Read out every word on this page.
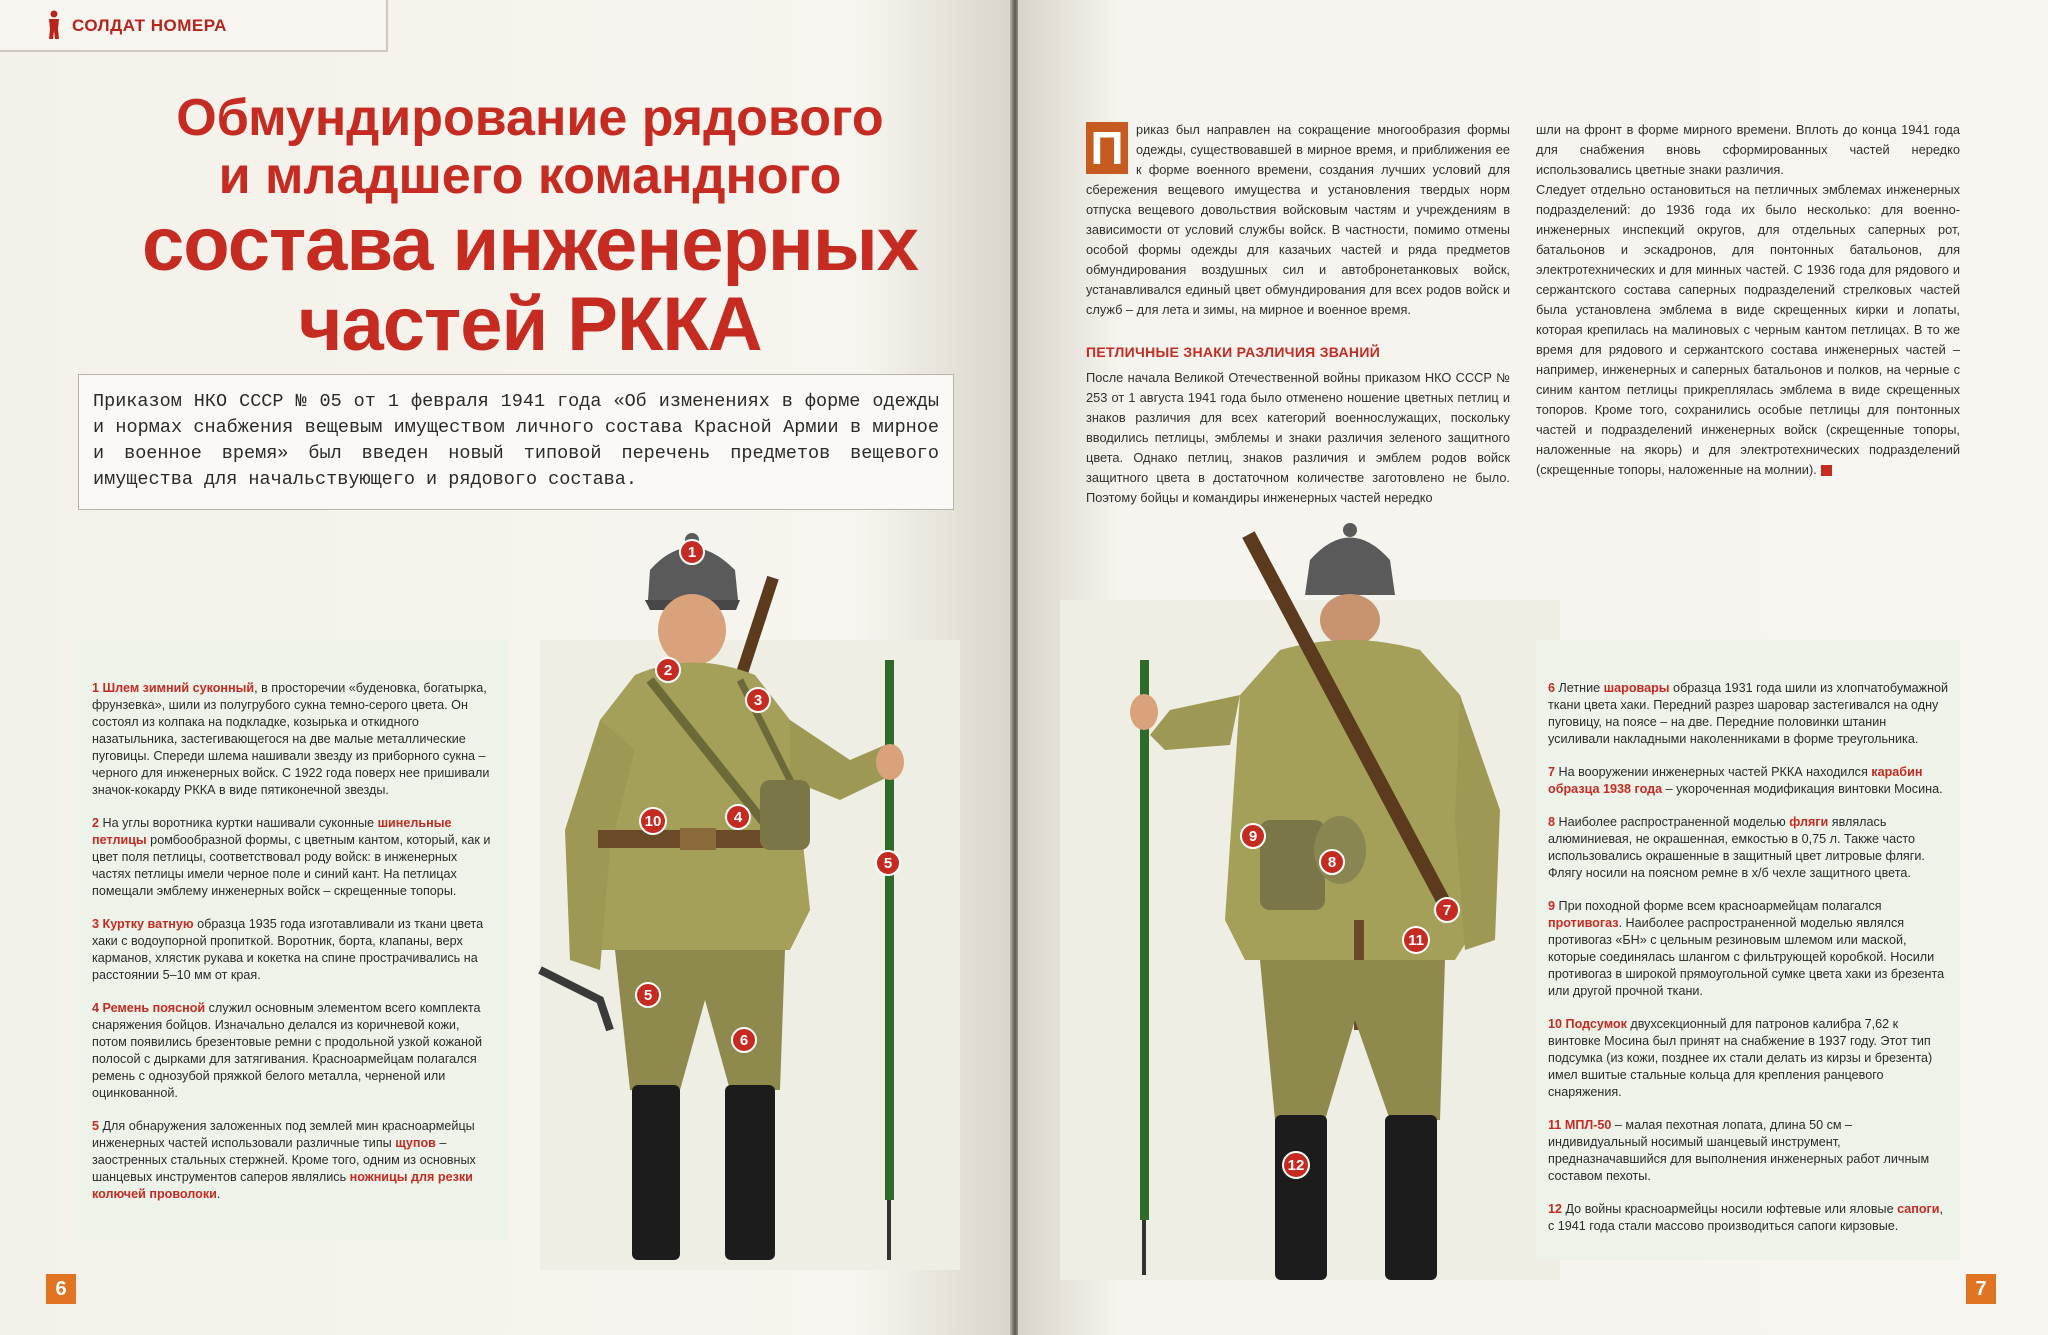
СОЛДАТ НОМЕРА
Обмундирование рядового
и младшего командного
состава инженерных
частей РККА

Приказом НКО СССР № 05 от 1 февраля 1941 года «Об изменениях в форме одежды и нормах снабжения вещевым имуществом личного состава Красной Армии в мирное и военное время» был введен новый типовой перечень предметов вещевого имущества для начальствующего и рядового состава.

1
2
3
4
5
10
5
6

1 Шлем зимний суконный, в просторечии «буденовка, богатырка, фрунзевка», шили из полугрубого сукна темно-серого цвета. Он состоял из колпака на подкладке, козырька и откидного назатыльника, застегивающегося на две малые металлические пуговицы. Спереди шлема нашивали звезду из приборного сукна – черного для инженерных войск. С 1922 года поверх нее пришивали значок-кокарду РККА в виде пятиконечной звезды.

2 На углы воротника куртки нашивали суконные шинельные петлицы ромбообразной формы, с цветным кантом, который, как и цвет поля петлицы, соответствовал роду войск: в инженерных частях петлицы имели черное поле и синий кант. На петлицах помещали эмблему инженерных войск – скрещенные топоры.

3 Куртку ватную образца 1935 года изготавливали из ткани цвета хаки с водоупорной пропиткой. Воротник, борта, клапаны, верх карманов, хлястик рукава и кокетка на спине прострачивались на расстоянии 5–10 мм от края.

4 Ремень поясной служил основным элементом всего комплекта снаряжения бойцов. Изначально делался из коричневой кожи, потом появились брезентовые ремни с продольной узкой кожаной полосой с дырками для затягивания. Красноармейцам полагался ремень с однозубой пряжкой белого металла, черненой или оцинкованной.

5 Для обнаружения заложенных под землей мин красноармейцы инженерных частей использовали различные типы щупов – заостренных стальных стержней. Кроме того, одним из основных шанцевых инструментов саперов являлись ножницы для резки колючей проволоки.

6

П риказ был направлен на сокращение многообразия формы одежды, существовавшей в мирное время, и приближения ее к форме военного времени, создания лучших условий для сбережения вещевого имущества и установления твердых норм отпуска вещевого довольствия войсковым частям и учреждениям в зависимости от условий службы войск. В частности, помимо отмены особой формы одежды для казачьих частей и ряда предметов обмундирования воздушных сил и автобронетанковых войск, устанавливался единый цвет обмундирования для всех родов войск и служб – для лета и зимы, на мирное и военное время.

ПЕТЛИЧНЫЕ ЗНАКИ РАЗЛИЧИЯ ЗВАНИЙ

После начала Великой Отечественной войны приказом НКО СССР № 253 от 1 августа 1941 года было отменено ношение цветных петлиц и знаков различия для всех категорий военнослужащих, поскольку вводились петлицы, эмблемы и знаки различия зеленого защитного цвета. Однако петлиц, знаков различия и эмблем родов войск защитного цвета в достаточном количестве заготовлено не было. Поэтому бойцы и командиры инженерных частей нередко

шли на фронт в форме мирного времени. Вплоть до конца 1941 года для снабжения вновь сформированных частей нередко использовались цветные знаки различия.

Следует отдельно остановиться на петличных эмблемах инженерных подразделений: до 1936 года их было несколько: для военно-инженерных инспекций округов, для отдельных саперных рот, батальонов и эскадронов, для понтонных батальонов, для электротехнических и для минных частей. С 1936 года для рядового и сержантского состава саперных подразделений стрелковых частей была установлена эмблема в виде скрещенных кирки и лопаты, которая крепилась на малиновых с черным кантом петлицах. В то же время для рядового и сержантского состава инженерных частей – например, инженерных и саперных батальонов и полков, на черные с синим кантом петлицы прикреплялась эмблема в виде скрещенных топоров. Кроме того, сохранились особые петлицы для понтонных частей и подразделений инженерных войск (скрещенные топоры, наложенные на якорь) и для электротехнических подразделений (скрещенные топоры, наложенные на молнии).

9
8
7
11
12

6 Летние шаровары образца 1931 года шили из хлопчатобумажной ткани цвета хаки. Передний разрез шаровар застегивался на одну пуговицу, на поясе – на две. Передние половинки штанин усиливали накладными наколенниками в форме треугольника.

7 На вооружении инженерных частей РККА находился карабин образца 1938 года – укороченная модификация винтовки Мосина.

8 Наиболее распространенной моделью фляги являлась алюминиевая, не окрашенная, емкостью в 0,75 л. Также часто использовались окрашенные в защитный цвет литровые фляги. Флягу носили на поясном ремне в х/б чехле защитного цвета.

9 При походной форме всем красноармейцам полагался противогаз. Наиболее распространенной моделью являлся противогаз «БН» с цельным резиновым шлемом или маской, которые соединялась шлангом с фильтрующей коробкой. Носили противогаз в широкой прямоугольной сумке цвета хаки из брезента или другой прочной ткани.

10 Подсумок двухсекционный для патронов калибра 7,62 к винтовке Мосина был принят на снабжение в 1937 году. Этот тип подсумка (из кожи, позднее их стали делать из кирзы и брезента) имел вшитые стальные кольца для крепления ранцевого снаряжения.

11 МПЛ-50 – малая пехотная лопата, длина 50 см – индивидуальный носимый шанцевый инструмент, предназначавшийся для выполнения инженерных работ личным составом пехоты.

12 До войны красноармейцы носили юфтевые или яловые сапоги, с 1941 года стали массово производиться сапоги кирзовые.

7
